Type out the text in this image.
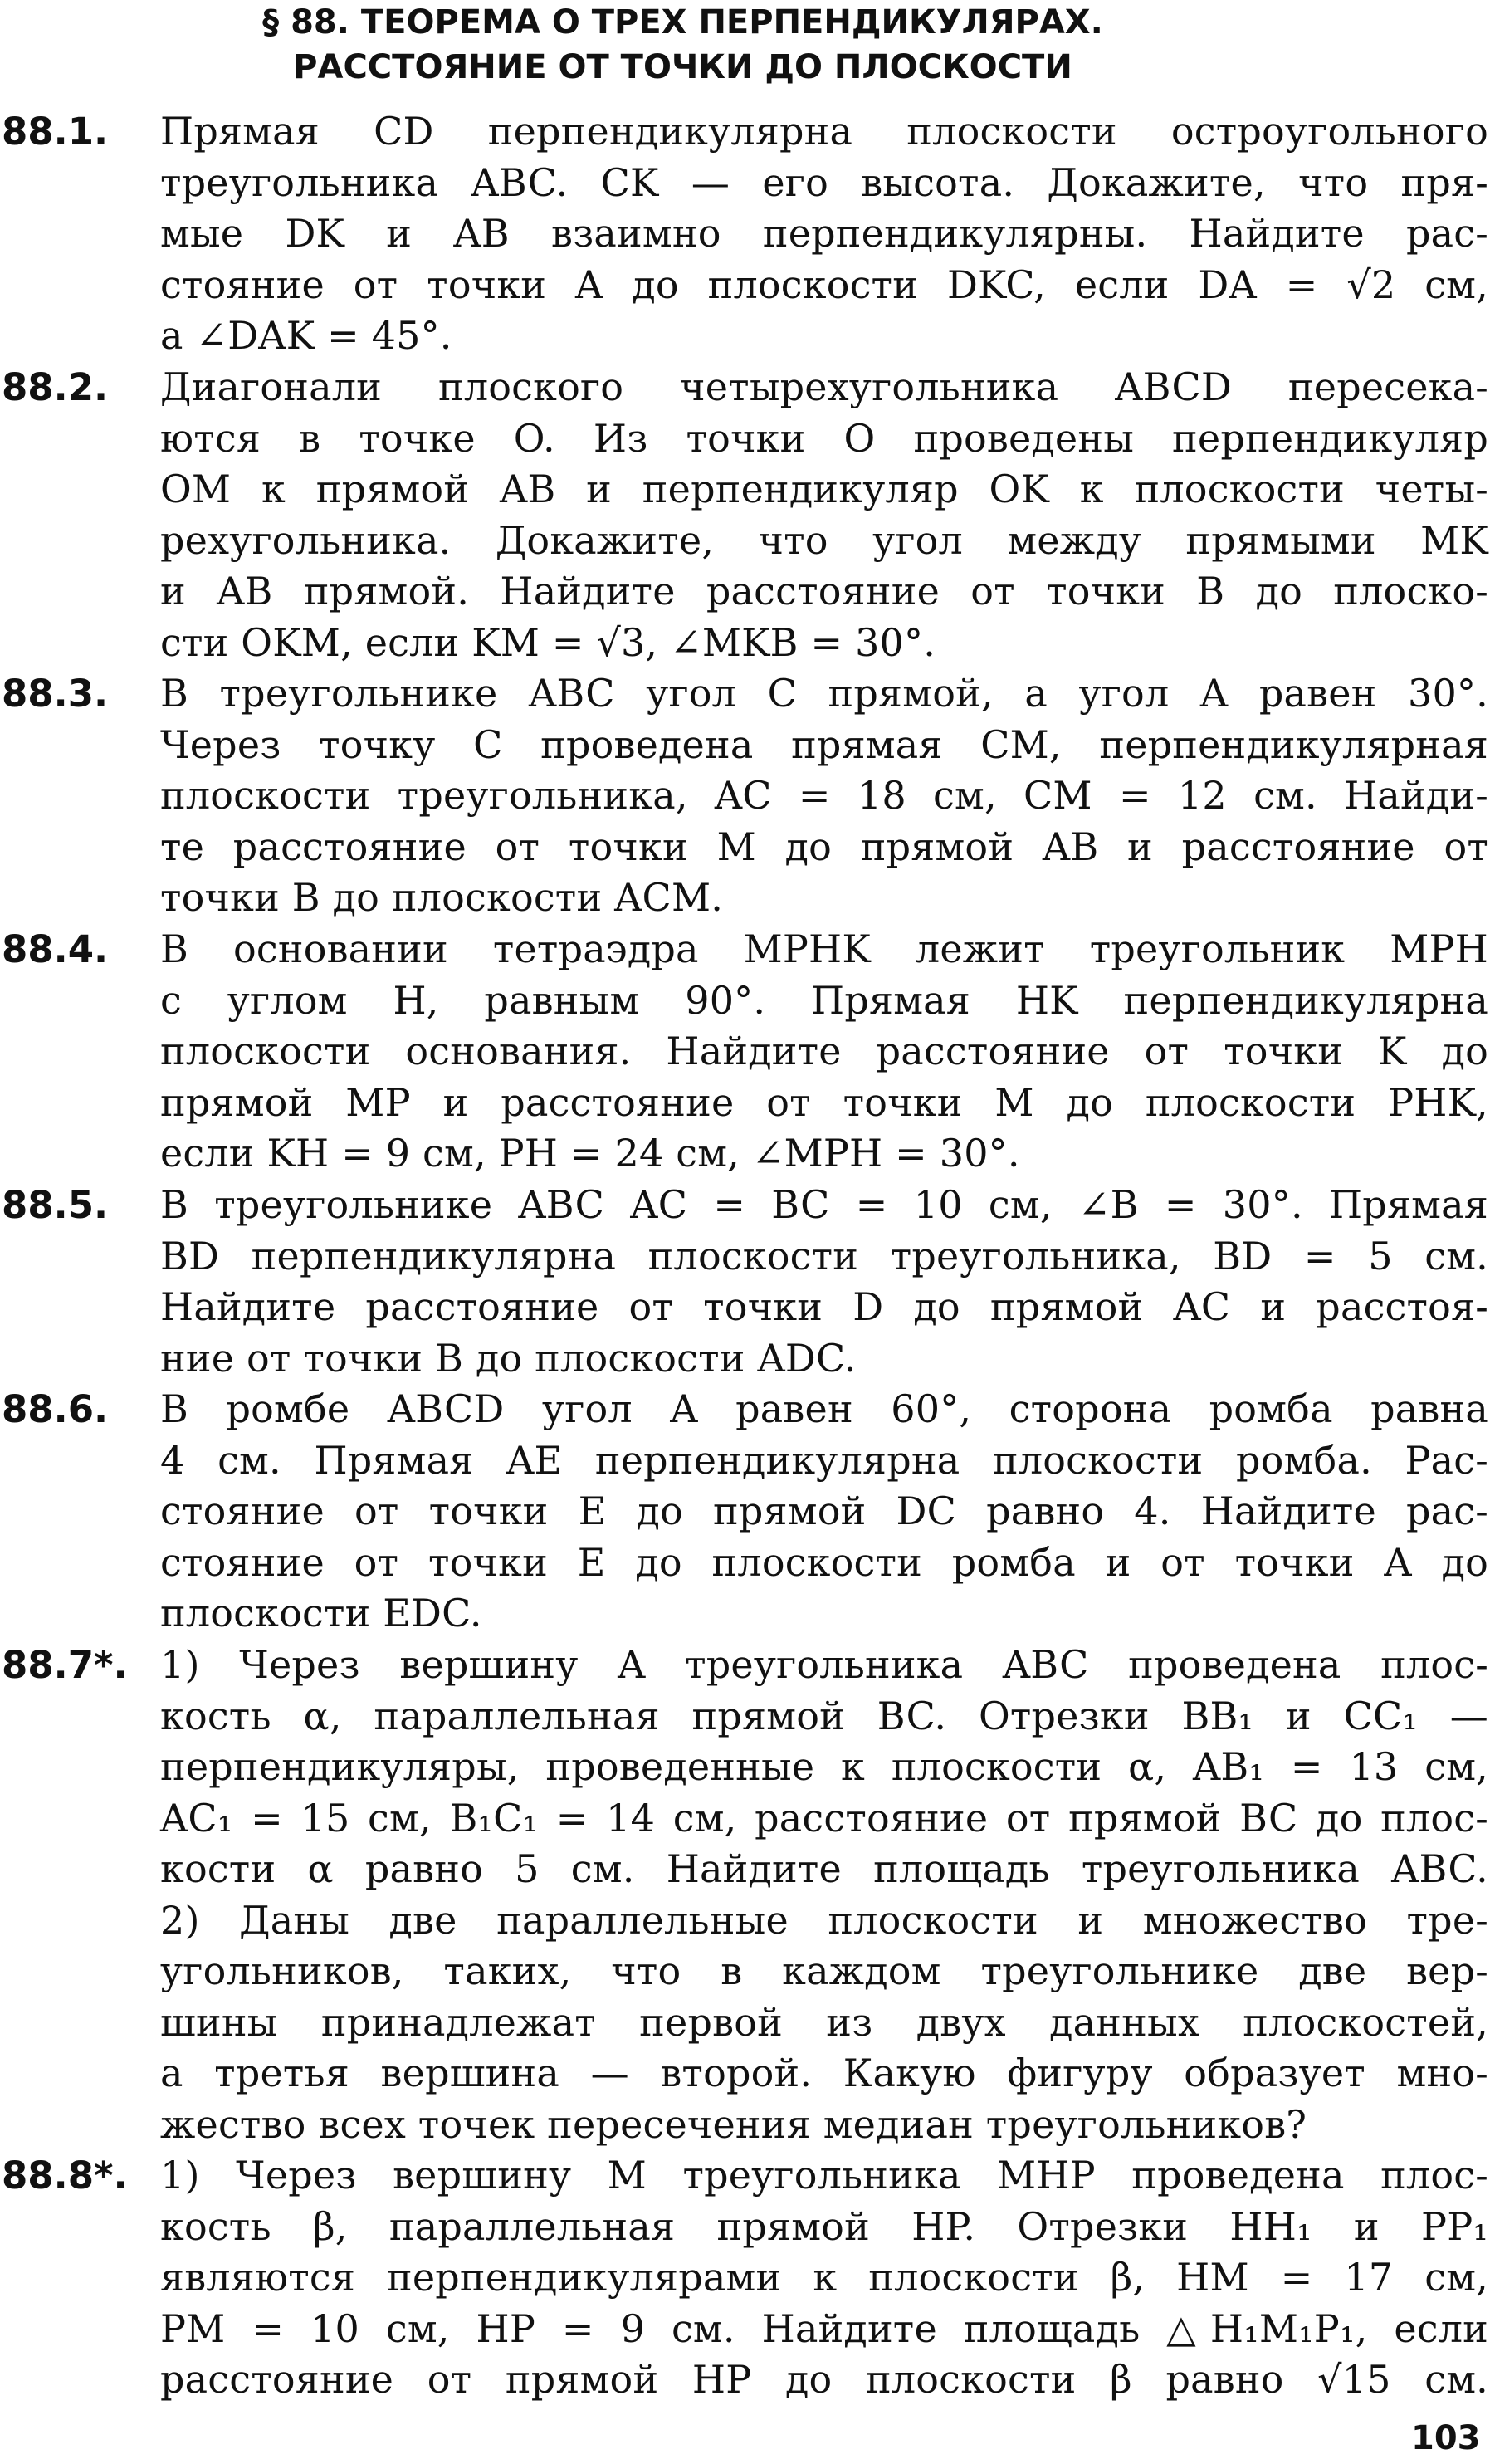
§ 88. ТЕОРЕМА О ТРЕХ ПЕРПЕНДИКУЛЯРАХ.
РАССТОЯНИЕ ОТ ТОЧКИ ДО ПЛОСКОСТИ
88.1. Прямая CD перпендикулярна плоскости остроугольного
треугольника ABC. CK — его высота. Докажите, что пря-
мые DK и AB взаимно перпендикулярны. Найдите рас-
стояние от точки A до плоскости DKC, если DA = √2 см,
а ∠DAK = 45°.
88.2. Диагонали плоского четырехугольника ABCD пересека-
ются в точке O. Из точки O проведены перпендикуляр
OM к прямой AB и перпендикуляр OK к плоскости четы-
рехугольника. Докажите, что угол между прямыми MK
и AB прямой. Найдите расстояние от точки B до плоско-
сти OKM, если KM = √3, ∠MKB = 30°.
88.3. В треугольнике ABC угол C прямой, а угол A равен 30°.
Через точку C проведена прямая CM, перпендикулярная
плоскости треугольника, AC = 18 см, CM = 12 см. Найди-
те расстояние от точки M до прямой AB и расстояние от
точки B до плоскости ACM.
88.4. В основании тетраэдра MPHK лежит треугольник MPH
с углом H, равным 90°. Прямая HK перпендикулярна
плоскости основания. Найдите расстояние от точки K до
прямой MP и расстояние от точки M до плоскости PHK,
если KH = 9 см, PH = 24 см, ∠MPH = 30°.
88.5. В треугольнике ABC AC = BC = 10 см, ∠B = 30°. Прямая
BD перпендикулярна плоскости треугольника, BD = 5 см.
Найдите расстояние от точки D до прямой AC и расстоя-
ние от точки B до плоскости ADC.
88.6. В ромбе ABCD угол A равен 60°, сторона ромба равна
4 см. Прямая AE перпендикулярна плоскости ромба. Рас-
стояние от точки E до прямой DC равно 4. Найдите рас-
стояние от точки E до плоскости ромба и от точки A до
плоскости EDC.
88.7*. 1) Через вершину A треугольника ABC проведена плос-
кость α, параллельная прямой BC. Отрезки BB₁ и CC₁ —
перпендикуляры, проведенные к плоскости α, AB₁ = 13 см,
AC₁ = 15 см, B₁C₁ = 14 см, расстояние от прямой BC до плос-
кости α равно 5 см. Найдите площадь треугольника ABC.
2) Даны две параллельные плоскости и множество тре-
угольников, таких, что в каждом треугольнике две вер-
шины принадлежат первой из двух данных плоскостей,
а третья вершина — второй. Какую фигуру образует мно-
жество всех точек пересечения медиан треугольников?
88.8*. 1) Через вершину M треугольника MHP проведена плос-
кость β, параллельная прямой HP. Отрезки HH₁ и PP₁
являются перпендикулярами к плоскости β, HM = 17 см,
PM = 10 см, HP = 9 см. Найдите площадь △H₁M₁P₁, если
расстояние от прямой HP до плоскости β равно √15 см.
103
